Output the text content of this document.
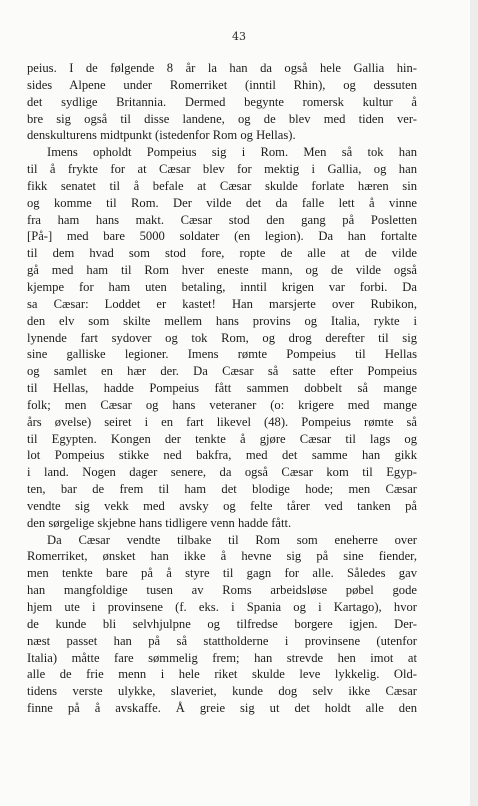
43
peius. I de følgende 8 år la han da også hele Gallia hin-
sides Alpene under Romerriket (inntil Rhin), og dessuten
det sydlige Britannia. Dermed begynte romersk kultur å
bre sig også til disse landene, og de blev med tiden ver-
denskulturens midtpunkt (istedenfor Rom og Hellas).
Imens opholdt Pompeius sig i Rom. Men så tok han
til å frykte for at Cæsar blev for mektig i Gallia, og han
fikk senatet til å befale at Cæsar skulde forlate hæren sin
og komme til Rom. Der vilde det da falle lett å vinne
fra ham hans makt. Cæsar stod den gang på Posletten
[På-] med bare 5000 soldater (en legion). Da han fortalte
til dem hvad som stod fore, ropte de alle at de vilde
gå med ham til Rom hver eneste mann, og de vilde også
kjempe for ham uten betaling, inntil krigen var forbi. Da
sa Cæsar: Loddet er kastet! Han marsjerte over Rubikon,
den elv som skilte mellem hans provins og Italia, rykte i
lynende fart sydover og tok Rom, og drog derefter til sig
sine galliske legioner. Imens rømte Pompeius til Hellas
og samlet en hær der. Da Cæsar så satte efter Pompeius
til Hellas, hadde Pompeius fått sammen dobbelt så mange
folk; men Cæsar og hans veteraner (o: krigere med mange
års øvelse) seiret i en fart likevel (48). Pompeius rømte så
til Egypten. Kongen der tenkte å gjøre Cæsar til lags og
lot Pompeius stikke ned bakfra, med det samme han gikk
i land. Nogen dager senere, da også Cæsar kom til Egyp-
ten, bar de frem til ham det blodige hode; men Cæsar
vendte sig vekk med avsky og felte tårer ved tanken på
den sørgelige skjebne hans tidligere venn hadde fått.
Da Cæsar vendte tilbake til Rom som eneherre over
Romerriket, ønsket han ikke å hevne sig på sine fiender,
men tenkte bare på å styre til gagn for alle. Således gav
han mangfoldige tusen av Roms arbeidsløse pøbel gode
hjem ute i provinsene (f. eks. i Spania og i Kartago), hvor
de kunde bli selvhjulpne og tilfredse borgere igjen. Der-
næst passet han på så stattholderne i provinsene (utenfor
Italia) måtte fare sømmelig frem; han strevde hen imot at
alle de frie menn i hele riket skulde leve lykkelig. Old-
tidens verste ulykke, slaveriet, kunde dog selv ikke Cæsar
finne på å avskaffe. Å greie sig ut det holdt alle den
